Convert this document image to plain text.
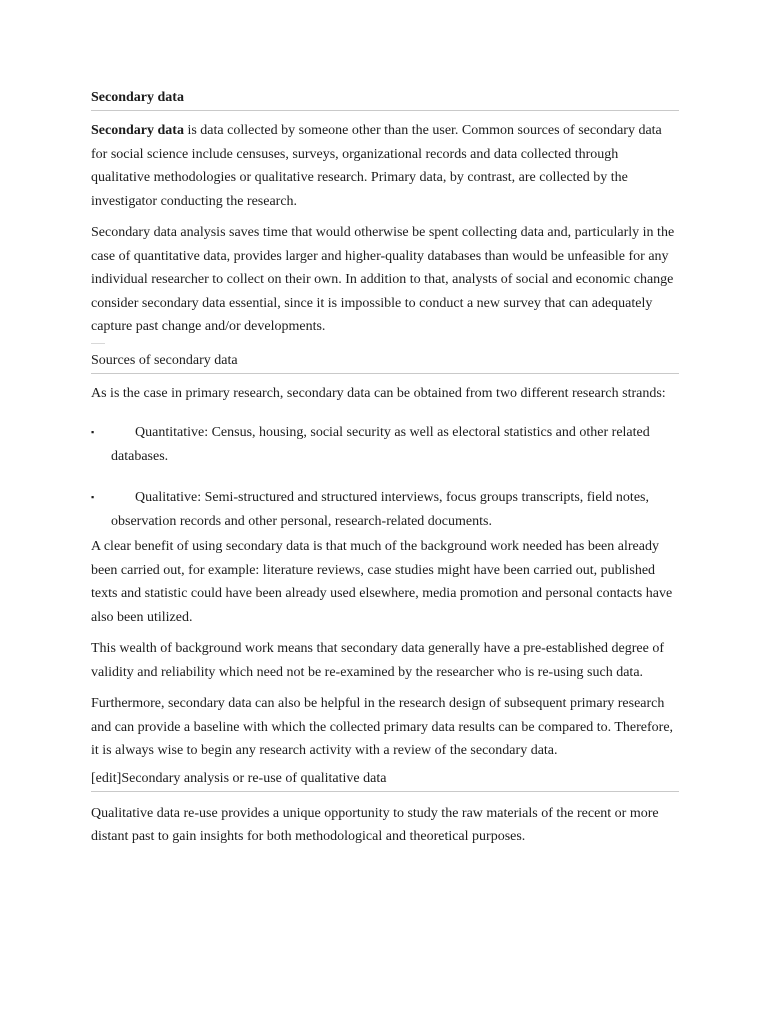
Secondary data

Secondary data is data collected by someone other than the user. Common sources of secondary data for social science include censuses, surveys, organizational records and data collected through qualitative methodologies or qualitative research. Primary data, by contrast, are collected by the investigator conducting the research.

Secondary data analysis saves time that would otherwise be spent collecting data and, particularly in the case of quantitative data, provides larger and higher-quality databases than would be unfeasible for any individual researcher to collect on their own. In addition to that, analysts of social and economic change consider secondary data essential, since it is impossible to conduct a new survey that can adequately capture past change and/or developments.

Sources of secondary data

As is the case in primary research, secondary data can be obtained from two different research strands:

▪	Quantitative: Census, housing, social security as well as electoral statistics and other related databases.
▪	Qualitative: Semi-structured and structured interviews, focus groups transcripts, field notes, observation records and other personal, research-related documents.

A clear benefit of using secondary data is that much of the background work needed has been already been carried out, for example: literature reviews, case studies might have been carried out, published texts and statistic could have been already used elsewhere, media promotion and personal contacts have also been utilized.

This wealth of background work means that secondary data generally have a pre-established degree of validity and reliability which need not be re-examined by the researcher who is re-using such data.

Furthermore, secondary data can also be helpful in the research design of subsequent primary research and can provide a baseline with which the collected primary data results can be compared to. Therefore, it is always wise to begin any research activity with a review of the secondary data.

[edit]Secondary analysis or re-use of qualitative data

Qualitative data re-use provides a unique opportunity to study the raw materials of the recent or more distant past to gain insights for both methodological and theoretical purposes.
